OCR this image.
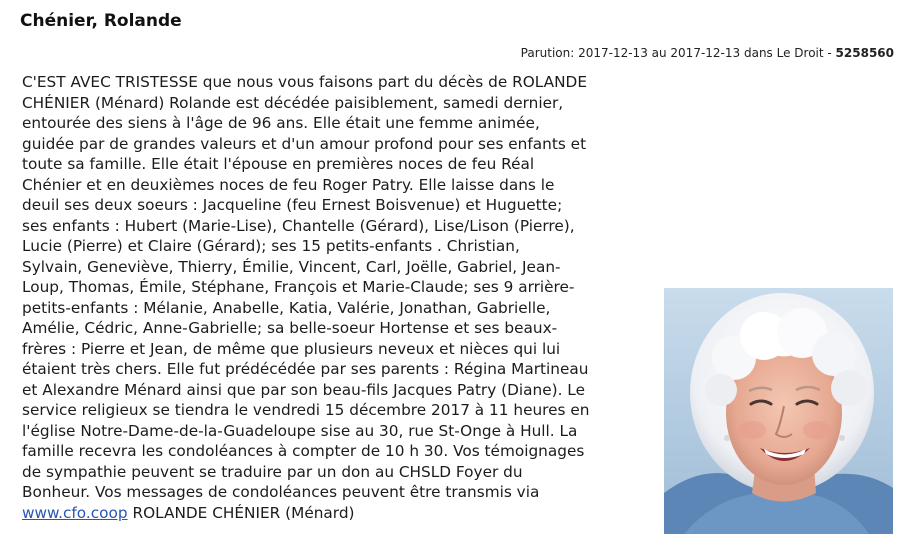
Chénier, Rolande
Parution: 2017-12-13 au 2017-12-13 dans Le Droit - 5258560
C'EST AVEC TRISTESSE que nous vous faisons part du décès de ROLANDE
CHÉNIER (Ménard) Rolande est décédée paisiblement, samedi dernier,
entourée des siens à l'âge de 96 ans. Elle était une femme animée,
guidée par de grandes valeurs et d'un amour profond pour ses enfants et
toute sa famille. Elle était l'épouse en premières noces de feu Réal
Chénier et en deuxièmes noces de feu Roger Patry. Elle laisse dans le
deuil ses deux soeurs : Jacqueline (feu Ernest Boisvenue) et Huguette;
ses enfants : Hubert (Marie-Lise), Chantelle (Gérard), Lise/Lison (Pierre),
Lucie (Pierre) et Claire (Gérard); ses 15 petits-enfants . Christian,
Sylvain, Geneviève, Thierry, Émilie, Vincent, Carl, Joëlle, Gabriel, Jean-
Loup, Thomas, Émile, Stéphane, François et Marie-Claude; ses 9 arrière-
petits-enfants : Mélanie, Anabelle, Katia, Valérie, Jonathan, Gabrielle,
Amélie, Cédric, Anne-Gabrielle; sa belle-soeur Hortense et ses beaux-
frères : Pierre et Jean, de même que plusieurs neveux et nièces qui lui
étaient très chers. Elle fut prédécédée par ses parents : Régina Martineau
et Alexandre Ménard ainsi que par son beau-fils Jacques Patry (Diane). Le
service religieux se tiendra le vendredi 15 décembre 2017 à 11 heures en
l'église Notre-Dame-de-la-Guadeloupe sise au 30, rue St-Onge à Hull. La
famille recevra les condoléances à compter de 10 h 30. Vos témoignages
de sympathie peuvent se traduire par un don au CHSLD Foyer du
Bonheur. Vos messages de condoléances peuvent être transmis via
www.cfo.coop ROLANDE CHÉNIER (Ménard)
